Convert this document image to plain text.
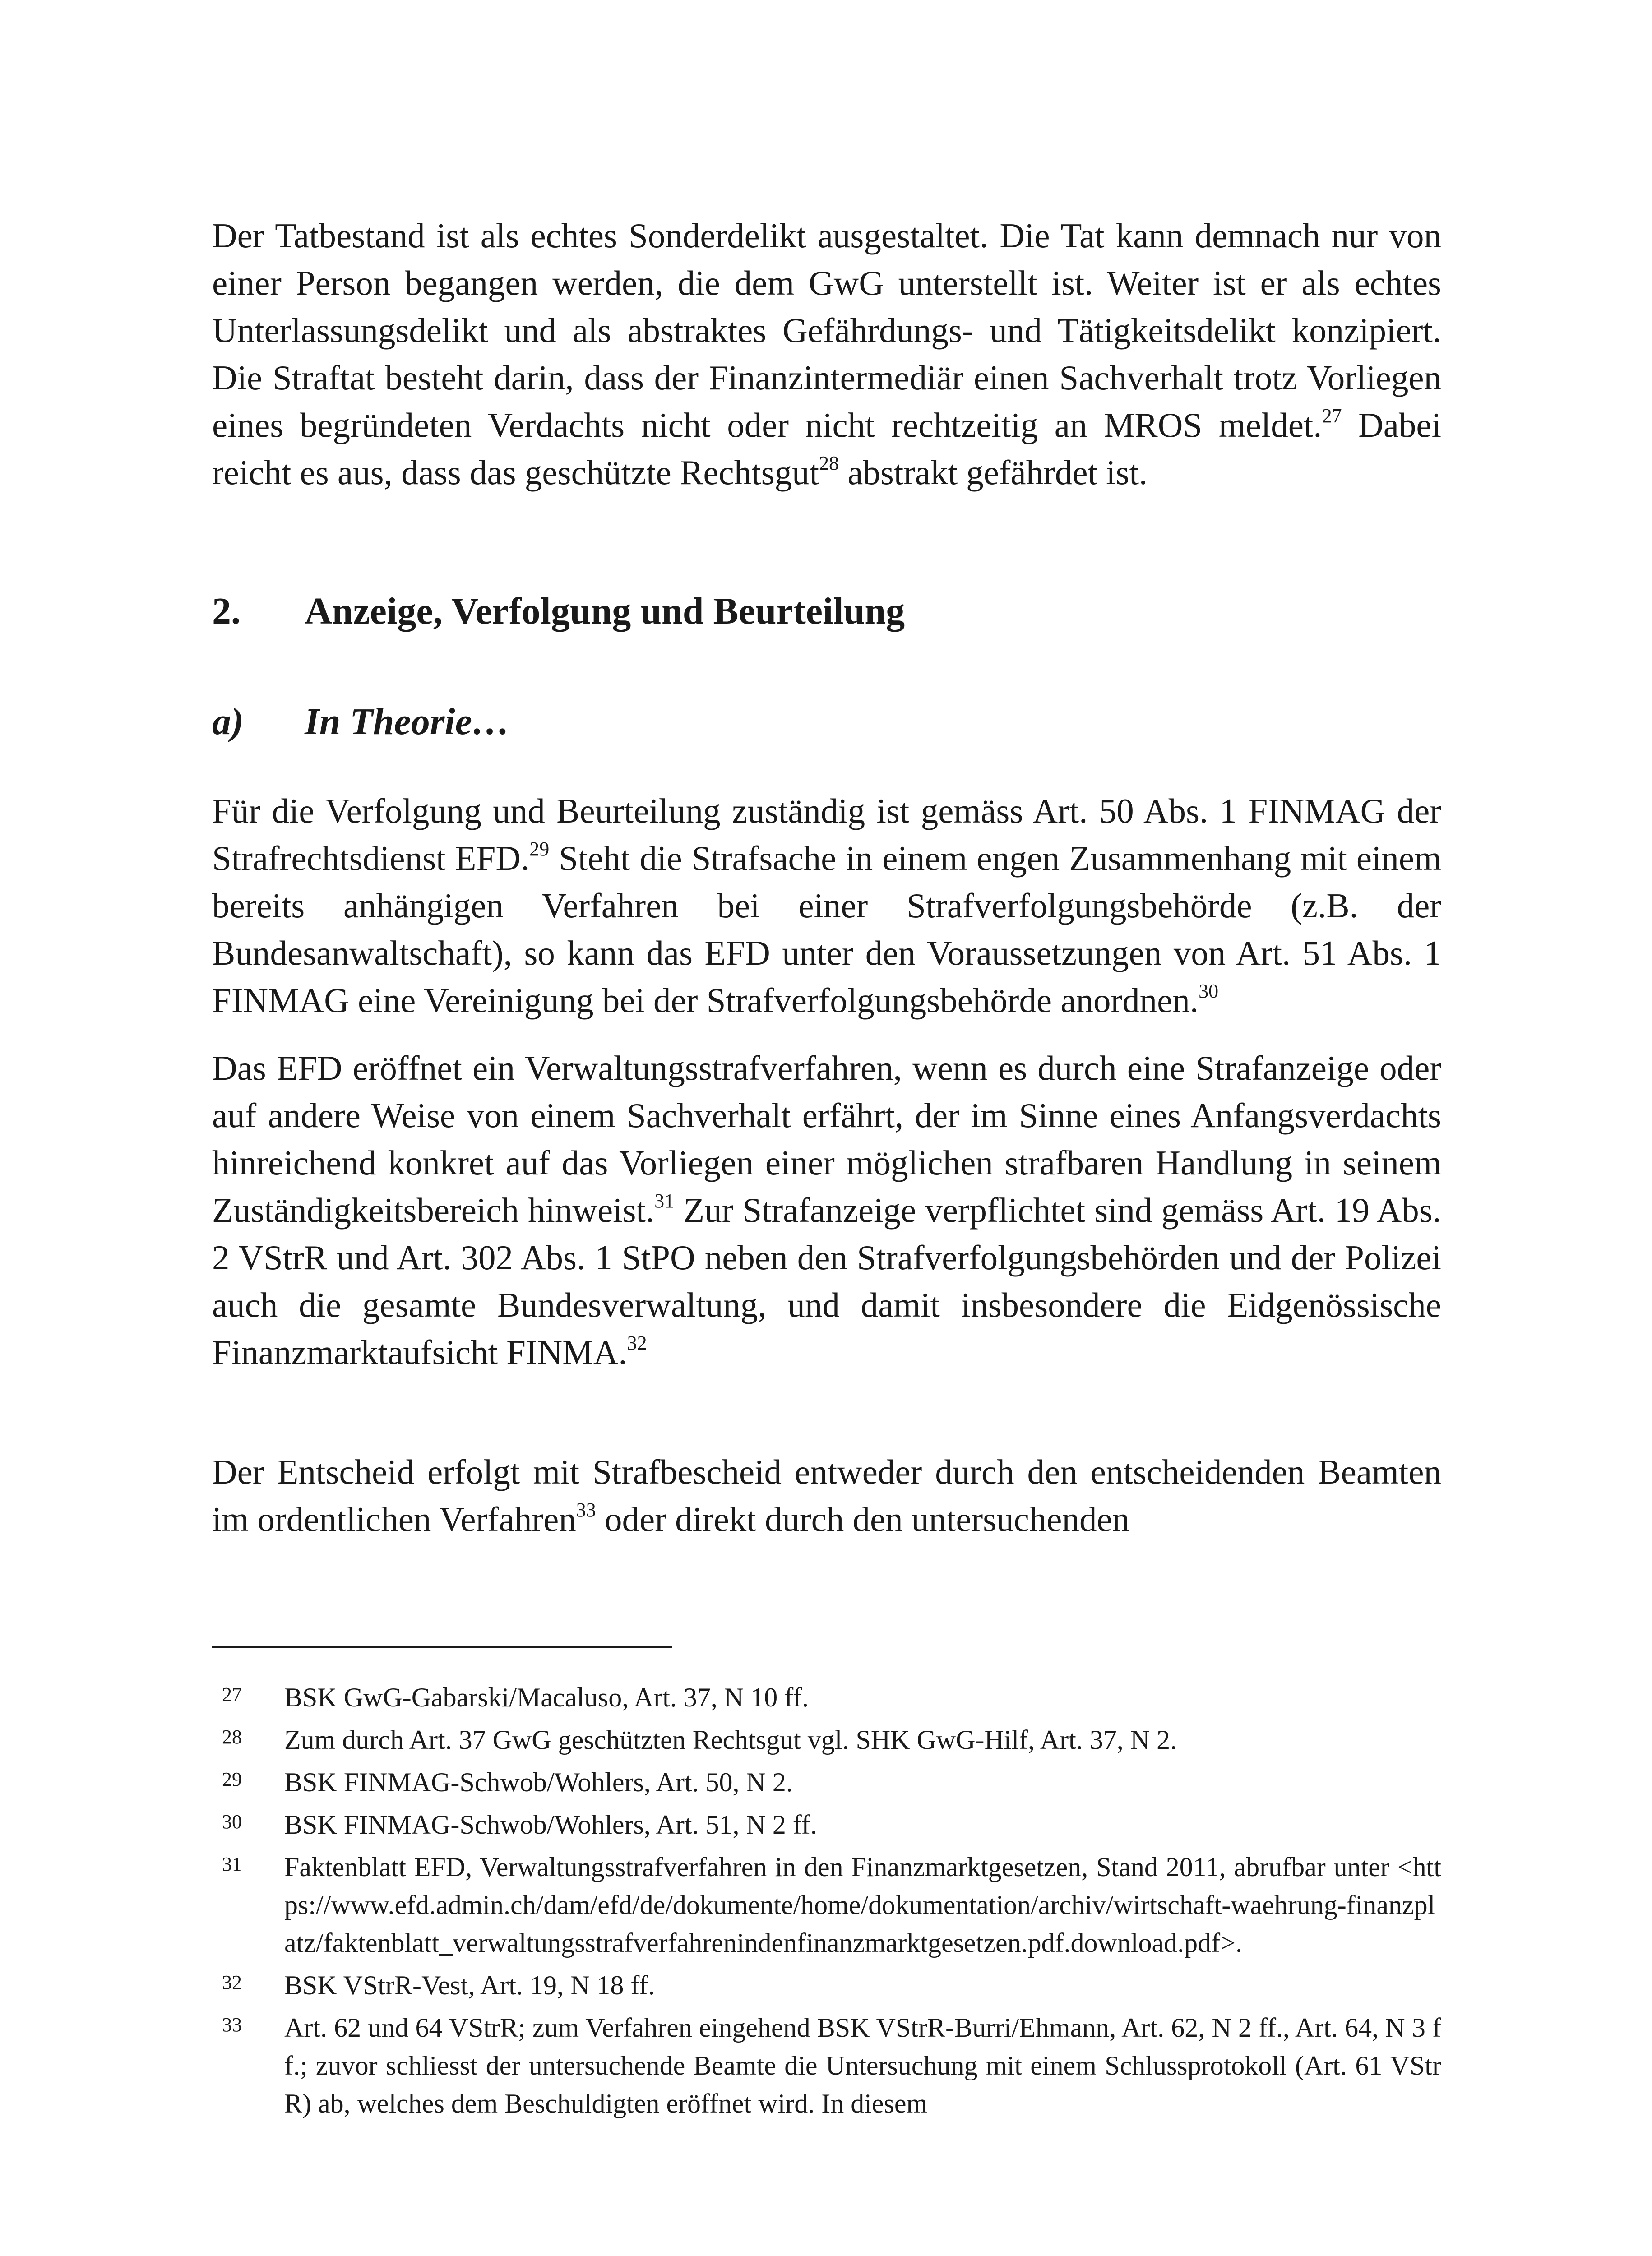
Der Tatbestand ist als echtes Sonderdelikt ausgestaltet. Die Tat kann demnach nur von einer Person begangen werden, die dem GwG unterstellt ist. Weiter ist er als echtes Unterlassungsdelikt und als abstraktes Gefährdungs- und Tätigkeitsdelikt konzipiert. Die Straftat besteht darin, dass der Finanzintermediär einen Sachverhalt trotz Vorliegen eines begründeten Verdachts nicht oder nicht rechtzeitig an MROS meldet.$^{27}$ Dabei reicht es aus, dass das geschützte Rechtsgut$^{28}$ abstrakt gefährdet ist.

2. Anzeige, Verfolgung und Beurteilung
a) In Theorie…

Für die Verfolgung und Beurteilung zuständig ist gemäss Art. 50 Abs. 1 FINMAG der Strafrechtsdienst EFD.$^{29}$ Steht die Strafsache in einem engen Zusammenhang mit einem bereits anhängigen Verfahren bei einer Strafverfolgungsbehörde (z.B. der Bundesanwaltschaft), so kann das EFD unter den Voraussetzungen von Art. 51 Abs. 1 FINMAG eine Vereinigung bei der Strafverfolgungsbehörde anordnen.$^{30}$

Das EFD eröffnet ein Verwaltungsstrafverfahren, wenn es durch eine Strafanzeige oder auf andere Weise von einem Sachverhalt erfährt, der im Sinne eines Anfangsverdachts hinreichend konkret auf das Vorliegen einer möglichen strafbaren Handlung in seinem Zuständigkeitsbereich hinweist.$^{31}$ Zur Strafanzeige verpflichtet sind gemäss Art. 19 Abs. 2 VStrR und Art. 302 Abs. 1 StPO neben den Strafverfolgungsbehörden und der Polizei auch die gesamte Bundesverwaltung, und damit insbesondere die Eidgenössische Finanzmarktaufsicht FINMA.$^{32}$

Der Entscheid erfolgt mit Strafbescheid entweder durch den entscheidenden Beamten im ordentlichen Verfahren$^{33}$ oder direkt durch den untersuchenden

27 BSK GwG-Gabarski/Macaluso, Art. 37, N 10 ff.
28 Zum durch Art. 37 GwG geschützten Rechtsgut vgl. SHK GwG-Hilf, Art. 37, N 2.
29 BSK FINMAG-Schwob/Wohlers, Art. 50, N 2.
30 BSK FINMAG-Schwob/Wohlers, Art. 51, N 2 ff.
31 Faktenblatt EFD, Verwaltungsstrafverfahren in den Finanzmarktgesetzen, Stand 2011, abrufbar unter <https://www.efd.admin.ch/dam/efd/de/dokumente/home/dokumentation/archiv/wirtschaft-waehrung-finanzplatz/faktenblatt_verwaltungsstrafverfahrenindenfinanzmarktgesetzen.pdf.download.pdf>.
32 BSK VStrR-Vest, Art. 19, N 18 ff.
33 Art. 62 und 64 VStrR; zum Verfahren eingehend BSK VStrR-Burri/Ehmann, Art. 62, N 2 ff., Art. 64, N 3 ff.; zuvor schliesst der untersuchende Beamte die Untersuchung mit einem Schlussprotokoll (Art. 61 VStrR) ab, welches dem Beschuldigten eröffnet wird. In diesem
